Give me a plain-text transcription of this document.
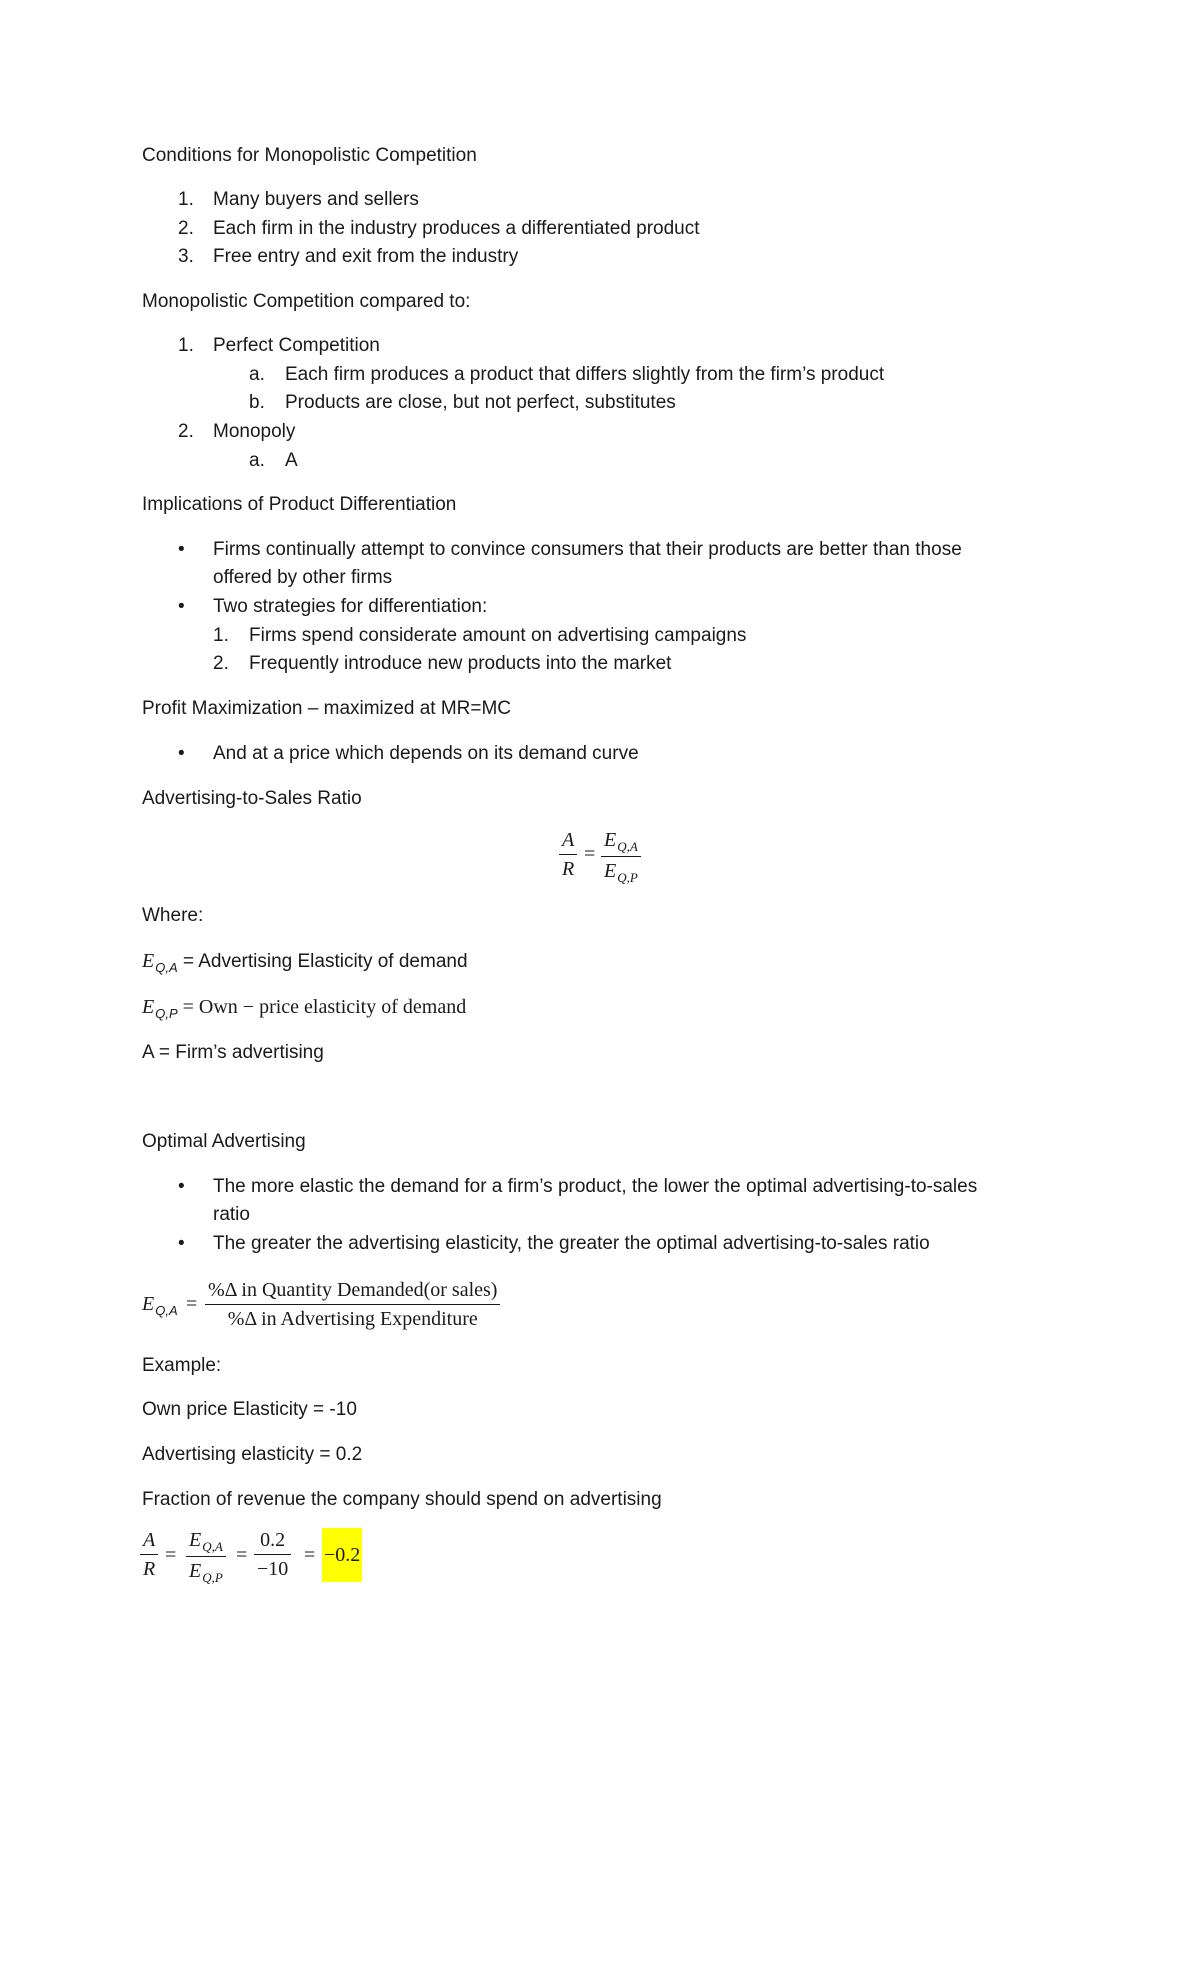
Conditions for Monopolistic Competition
1. Many buyers and sellers
2. Each firm in the industry produces a differentiated product
3. Free entry and exit from the industry
Monopolistic Competition compared to:
1. Perfect Competition
a. Each firm produces a product that differs slightly from the firm’s product
b. Products are close, but not perfect, substitutes
2. Monopoly
a. A
Implications of Product Differentiation
• Firms continually attempt to convince consumers that their products are better than those
offered by other firms
• Two strategies for differentiation:
1. Firms spend considerate amount on advertising campaigns
2. Frequently introduce new products into the market
Profit Maximization – maximized at MR=MC
• And at a price which depends on its demand curve
Advertising-to-Sales Ratio
$\frac{A}{R} = \frac{E_{Q,A}}{E_{Q,P}}$
Where:
$E_{Q,A}$ = Advertising Elasticity of demand
$E_{Q,P}$ = Own − price elasticity of demand
A = Firm’s advertising
Optimal Advertising
• The more elastic the demand for a firm’s product, the lower the optimal advertising-to-sales
ratio
• The greater the advertising elasticity, the greater the optimal advertising-to-sales ratio
$E_{Q,A}$ =
%Δ in Quantity Demanded(or sales)
%Δ in Advertising Expenditure
Example:
Own price Elasticity = -10
Advertising elasticity = 0.2
Fraction of revenue the company should spend on advertising
$\frac{A}{R} = \frac{E_{Q,A}}{E_{Q,P}} = \frac{0.2}{-10} = -0.2$
